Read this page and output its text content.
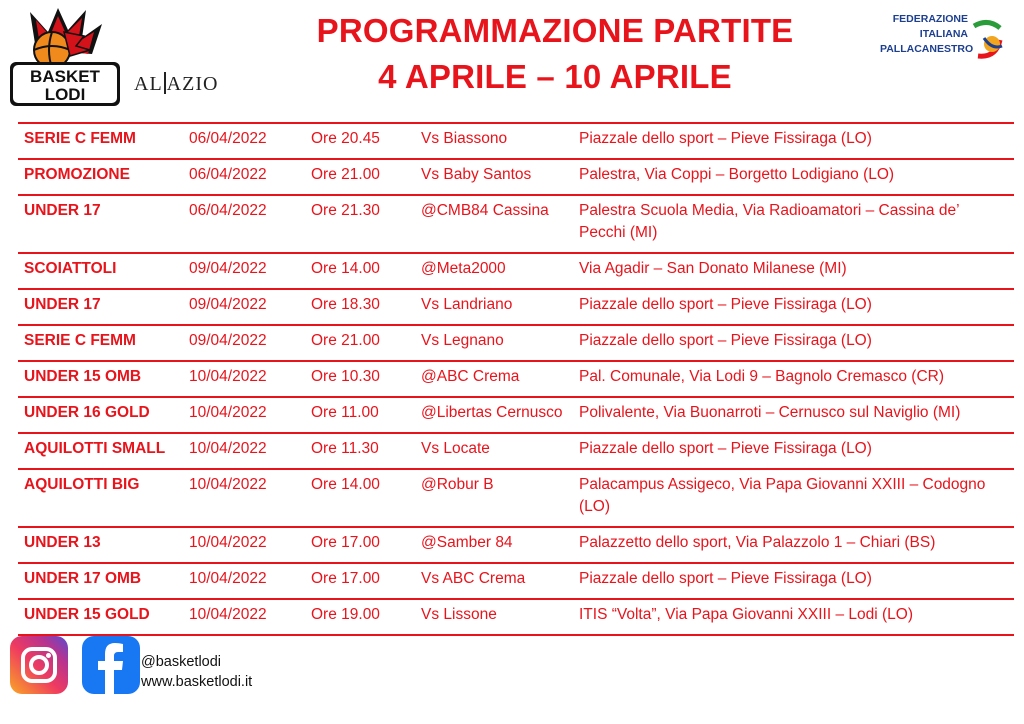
BASKET
LODI AL AZIO
PROGRAMMAZIONE PARTITE
4 APRILE – 10 APRILE
FEDERAZIONE
ITALIANA
PALLACANESTRO
SERIE C FEMM	06/04/2022	Ore 20.45	Vs Biassono	Piazzale dello sport – Pieve Fissiraga (LO)
PROMOZIONE	06/04/2022	Ore 21.00	Vs Baby Santos	Palestra, Via Coppi – Borgetto Lodigiano (LO)
UNDER 17	06/04/2022	Ore 21.30	@CMB84 Cassina	Palestra Scuola Media, Via Radioamatori – Cassina de’ Pecchi (MI)
SCOIATTOLI	09/04/2022	Ore 14.00	@Meta2000	Via Agadir – San Donato Milanese (MI)
UNDER 17	09/04/2022	Ore 18.30	Vs Landriano	Piazzale dello sport – Pieve Fissiraga (LO)
SERIE C FEMM	09/04/2022	Ore 21.00	Vs Legnano	Piazzale dello sport – Pieve Fissiraga (LO)
UNDER 15 OMB	10/04/2022	Ore 10.30	@ABC Crema	Pal. Comunale, Via Lodi 9 – Bagnolo Cremasco (CR)
UNDER 16 GOLD	10/04/2022	Ore 11.00	@Libertas Cernusco	Polivalente, Via Buonarroti – Cernusco sul Naviglio (MI)
AQUILOTTI SMALL	10/04/2022	Ore 11.30	Vs Locate	Piazzale dello sport – Pieve Fissiraga (LO)
AQUILOTTI BIG	10/04/2022	Ore 14.00	@Robur B	Palacampus Assigeco, Via Papa Giovanni XXIII – Codogno (LO)
UNDER 13	10/04/2022	Ore 17.00	@Samber 84	Palazzetto dello sport, Via Palazzolo 1 – Chiari (BS)
UNDER 17 OMB	10/04/2022	Ore 17.00	Vs ABC Crema	Piazzale dello sport – Pieve Fissiraga (LO)
UNDER 15 GOLD	10/04/2022	Ore 19.00	Vs Lissone	ITIS “Volta”, Via Papa Giovanni XXIII – Lodi (LO)
@basketlodi
www.basketlodi.it
